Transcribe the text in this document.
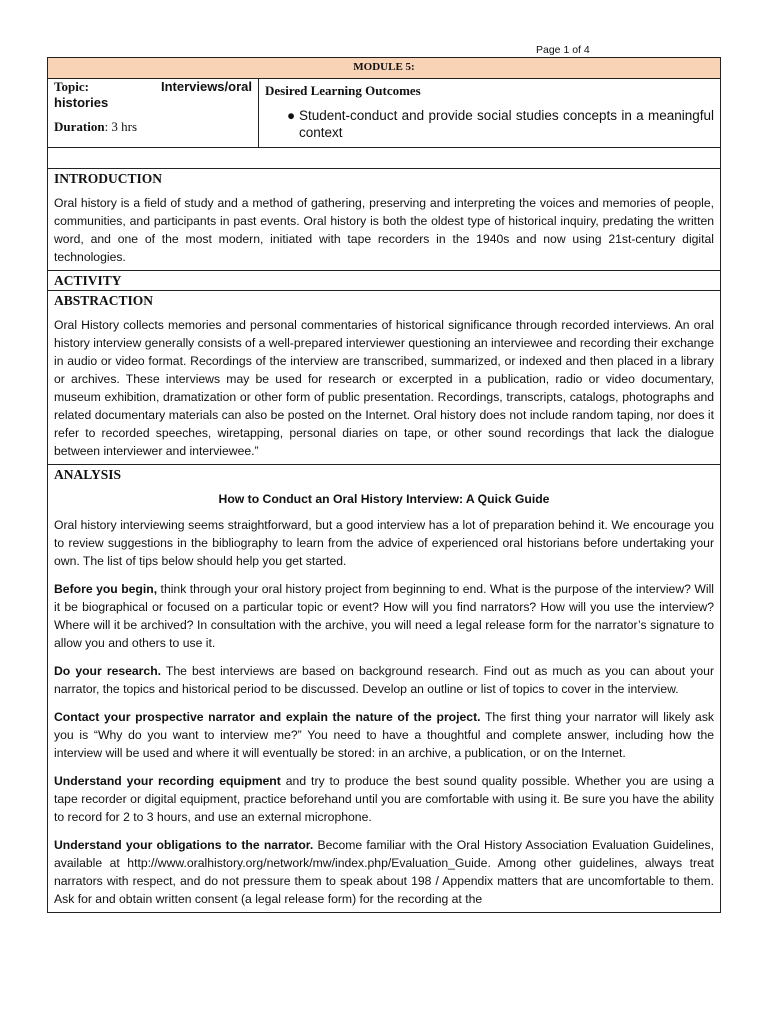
Page 1 of 4
MODULE 5:

Topic:	Interviews/oral
histories
Duration: 3 hrs

Desired Learning Outcomes
● Student-conduct and provide social studies concepts in a meaningful context

INTRODUCTION

Oral history is a field of study and a method of gathering, preserving and interpreting the voices and memories of people, communities, and participants in past events. Oral history is both the oldest type of historical inquiry, predating the written word, and one of the most modern, initiated with tape recorders in the 1940s and now using 21st-century digital technologies.

ACTIVITY

ABSTRACTION

Oral History collects memories and personal commentaries of historical significance through recorded interviews. An oral history interview generally consists of a well-prepared interviewer questioning an interviewee and recording their exchange in audio or video format. Recordings of the interview are transcribed, summarized, or indexed and then placed in a library or archives. These interviews may be used for research or excerpted in a publication, radio or video documentary, museum exhibition, dramatization or other form of public presentation. Recordings, transcripts, catalogs, photographs and related documentary materials can also be posted on the Internet. Oral history does not include random taping, nor does it refer to recorded speeches, wiretapping, personal diaries on tape, or other sound recordings that lack the dialogue between interviewer and interviewee.”

ANALYSIS
How to Conduct an Oral History Interview: A Quick Guide

Oral history interviewing seems straightforward, but a good interview has a lot of preparation behind it. We encourage you to review suggestions in the bibliography to learn from the advice of experienced oral historians before undertaking your own. The list of tips below should help you get started.

Before you begin, think through your oral history project from beginning to end. What is the purpose of the interview? Will it be biographical or focused on a particular topic or event? How will you find narrators? How will you use the interview? Where will it be archived? In consultation with the archive, you will need a legal release form for the narrator’s signature to allow you and others to use it.

Do your research. The best interviews are based on background research. Find out as much as you can about your narrator, the topics and historical period to be discussed. Develop an outline or list of topics to cover in the interview.

Contact your prospective narrator and explain the nature of the project. The first thing your narrator will likely ask you is “Why do you want to interview me?” You need to have a thoughtful and complete answer, including how the interview will be used and where it will eventually be stored: in an archive, a publication, or on the Internet.

Understand your recording equipment and try to produce the best sound quality possible. Whether you are using a tape recorder or digital equipment, practice beforehand until you are comfortable with using it. Be sure you have the ability to record for 2 to 3 hours, and use an external microphone.

Understand your obligations to the narrator. Become familiar with the Oral History Association Evaluation Guidelines, available at http://www.oralhistory.org/network/mw/index.php/Evaluation_Guide. Among other guidelines, always treat narrators with respect, and do not pressure them to speak about 198 / Appendix matters that are uncomfortable to them. Ask for and obtain written consent (a legal release form) for the recording at the
